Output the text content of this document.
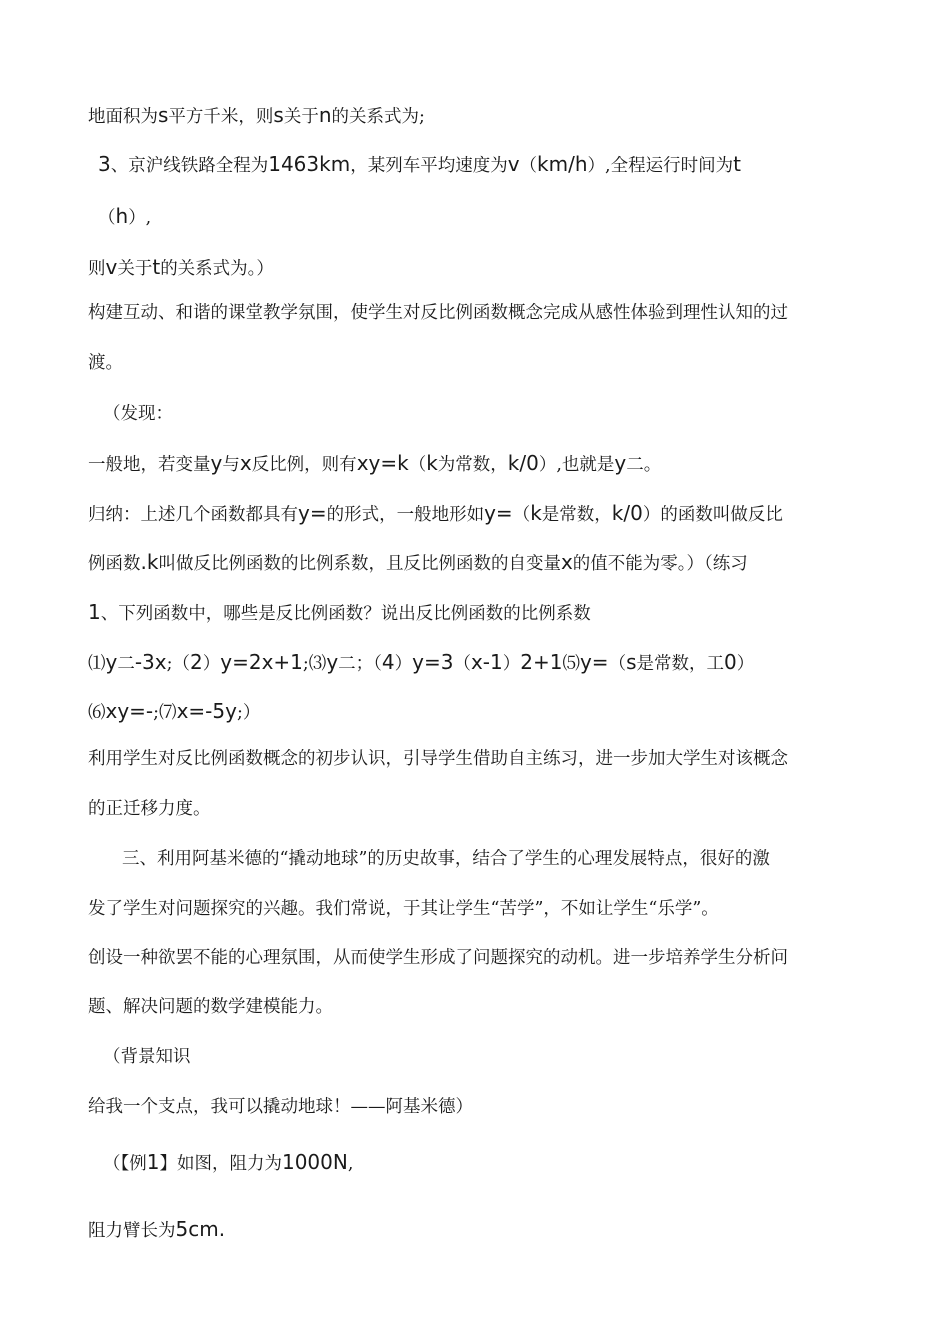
地面积为s平方千米，则s关于n的关系式为;
3、京沪线铁路全程为1463km，某列车平均速度为v（km/h）,全程运行时间为t
（h）,
则v关于t的关系式为。）
构建互动、和谐的课堂教学氛围，使学生对反比例函数概念完成从感性体验到理性认知的过
渡。
（发现：
一般地，若变量y与x反比例，则有xy=k（k为常数，k/0）,也就是y二。
归纳：上述几个函数都具有y=的形式，一般地形如y=（k是常数，k/0）的函数叫做反比
例函数.k叫做反比例函数的比例系数，且反比例函数的自变量x的值不能为零。）（练习
1、下列函数中，哪些是反比例函数？说出反比例函数的比例系数
⑴y二-3x;（2）y=2x+1;⑶y二；（4）y=3（x-1）2+1⑸y=（s是常数，工0）
⑹xy=-;⑺x=-5y;）
利用学生对反比例函数概念的初步认识，引导学生借助自主练习，进一步加大学生对该概念
的正迁移力度。
三、利用阿基米德的“撬动地球”的历史故事，结合了学生的心理发展特点，很好的激
发了学生对问题探究的兴趣。我们常说，于其让学生“苦学”，不如让学生“乐学”。
创设一种欲罢不能的心理氛围，从而使学生形成了问题探究的动机。进一步培养学生分析问
题、解决问题的数学建模能力。
（背景知识
给我一个支点，我可以撬动地球！——阿基米德）
（【例1】如图，阻力为1000N,
阻力臂长为5cm.
